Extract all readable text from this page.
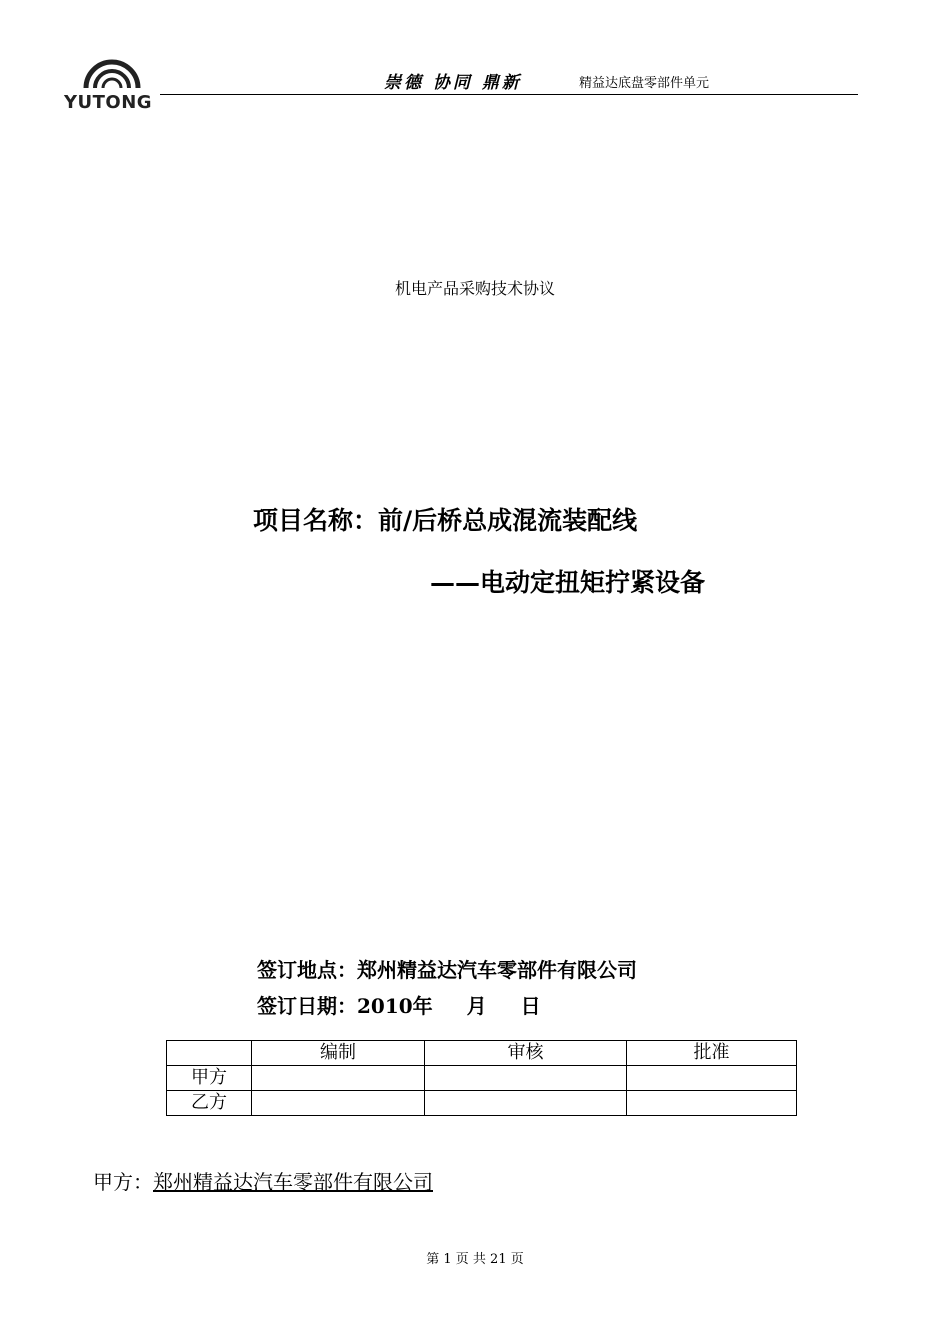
YUTONG
崇德 协同 鼎新	精益达底盘零部件单元
机电产品采购技术协议
项目名称：前/后桥总成混流装配线
——电动定扭矩拧紧设备
签订地点：郑州精益达汽车零部件有限公司
签订日期：2010年 月 日
	编制	审核	批准
甲方			
乙方			
甲方：郑州精益达汽车零部件有限公司
第 1 页 共 21 页
